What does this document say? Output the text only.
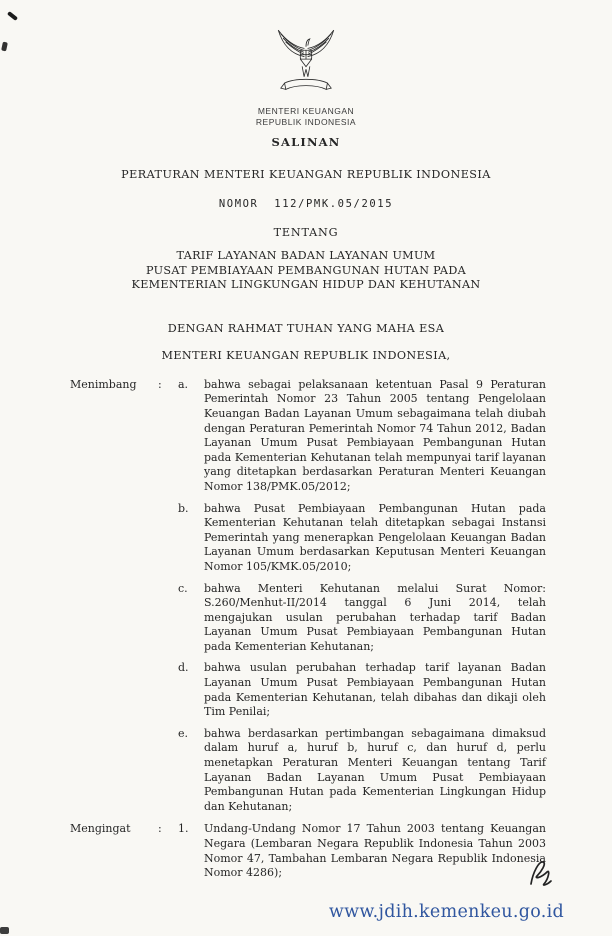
MENTERI KEUANGAN
REPUBLIK INDONESIA
SALINAN
PERATURAN MENTERI KEUANGAN REPUBLIK INDONESIA
NOMOR  112/PMK.05/2015
TENTANG
TARIF LAYANAN BADAN LAYANAN UMUM
PUSAT PEMBIAYAAN PEMBANGUNAN HUTAN PADA
KEMENTERIAN LINGKUNGAN HIDUP DAN KEHUTANAN
DENGAN RAHMAT TUHAN YANG MAHA ESA
MENTERI KEUANGAN REPUBLIK INDONESIA,
Menimbang	:	a.	bahwa sebagai pelaksanaan ketentuan Pasal 9 Peraturan Pemerintah Nomor 23 Tahun 2005 tentang Pengelolaan Keuangan Badan Layanan Umum sebagaimana telah diubah dengan Peraturan Pemerintah Nomor 74 Tahun 2012, Badan Layanan Umum Pusat Pembiayaan Pembangunan Hutan pada Kementerian Kehutanan telah mempunyai tarif layanan yang ditetapkan berdasarkan Peraturan Menteri Keuangan Nomor 138/PMK.05/2012;
b.	bahwa Pusat Pembiayaan Pembangunan Hutan pada Kementerian Kehutanan telah ditetapkan sebagai Instansi Pemerintah yang menerapkan Pengelolaan Keuangan Badan Layanan Umum berdasarkan Keputusan Menteri Keuangan Nomor 105/KMK.05/2010;
c.	bahwa Menteri Kehutanan melalui Surat Nomor: S.260/Menhut-II/2014 tanggal 6 Juni 2014, telah mengajukan usulan perubahan terhadap tarif Badan Layanan Umum Pusat Pembiayaan Pembangunan Hutan pada Kementerian Kehutanan;
d.	bahwa usulan perubahan terhadap tarif layanan Badan Layanan Umum Pusat Pembiayaan Pembangunan Hutan pada Kementerian Kehutanan, telah dibahas dan dikaji oleh Tim Penilai;
e.	bahwa berdasarkan pertimbangan sebagaimana dimaksud dalam huruf a, huruf b, huruf c, dan huruf d, perlu menetapkan Peraturan Menteri Keuangan tentang Tarif Layanan Badan Layanan Umum Pusat Pembiayaan Pembangunan Hutan pada Kementerian Lingkungan Hidup dan Kehutanan;
Mengingat	:	1.	Undang-Undang Nomor 17 Tahun 2003 tentang Keuangan Negara (Lembaran Negara Republik Indonesia Tahun 2003 Nomor 47, Tambahan Lembaran Negara Republik Indonesia Nomor 4286);
www.jdih.kemenkeu.go.id
